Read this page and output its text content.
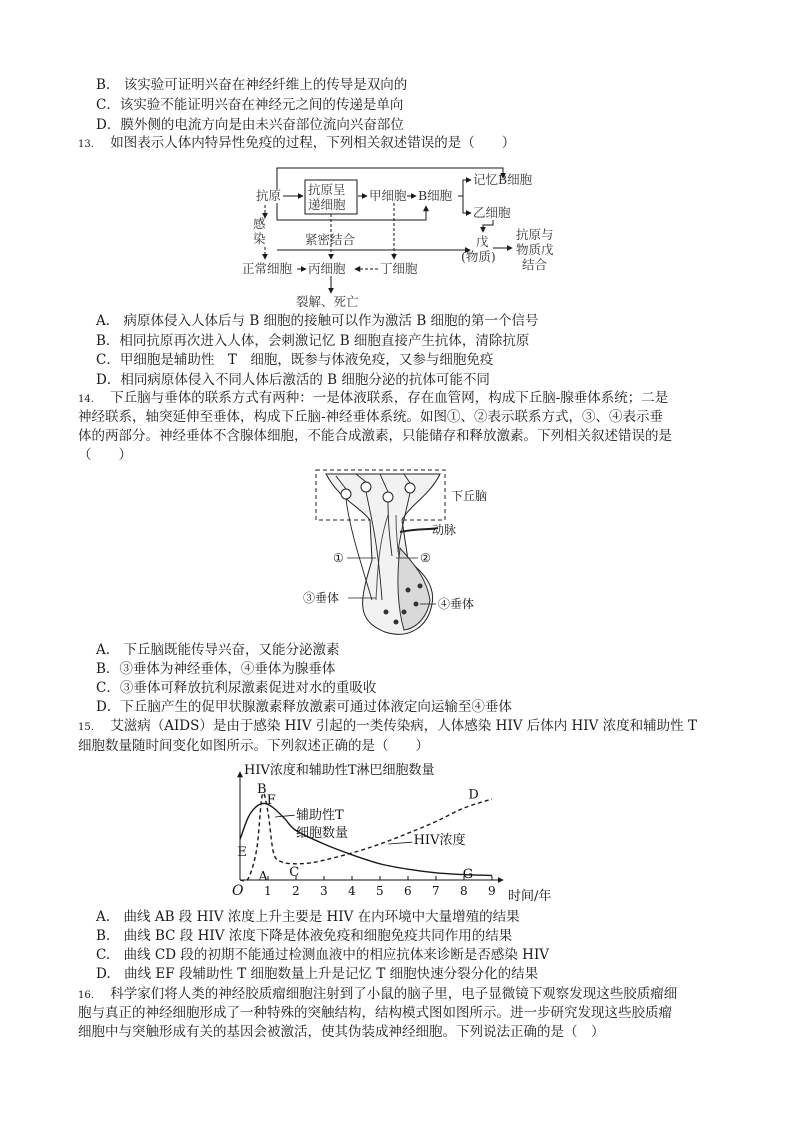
B.　该实验可证明兴奋在神经纤维上的传导是双向的
C．该实验不能证明兴奋在神经元之间的传递是单向
D．膜外侧的电流方向是由未兴奋部位流向兴奋部位
13. 如图表示人体内特异性免疫的过程，下列相关叙述错误的是（　　）
抗原 抗原呈
递细胞
甲细胞 B细胞
记忆B细胞
乙细胞
感
染	紧密结合	戊
(物质)
抗原与
物质戊
结合
正常细胞 丙细胞	丁细胞
裂解、死亡
A.　病原体侵入人体后与 B 细胞的接触可以作为激活 B 细胞的第一个信号
B．相同抗原再次进入人体，会刺激记忆 B 细胞直接产生抗体，清除抗原
C．甲细胞是辅助性　T　细胞，既参与体液免疫，又参与细胞免疫
D．相同病原体侵入不同人体后激活的 B 细胞分泌的抗体可能不同
14. 下丘脑与垂体的联系方式有两种：一是体液联系，存在血管网，构成下丘脑-腺垂体系统；二是
神经联系，轴突延伸至垂体，构成下丘脑-神经垂体系统。如图①、②表示联系方式，③、④表示垂
体的两部分。神经垂体不含腺体细胞，不能合成激素，只能储存和释放激素。下列相关叙述错误的是
（　　）
下丘脑
动脉
①	②
③垂体	④垂体
A.　下丘脑既能传导兴奋，又能分泌激素
B．③垂体为神经垂体，④垂体为腺垂体
C．③垂体可释放抗利尿激素促进对水的重吸收
D．下丘脑产生的促甲状腺激素释放激素可通过体液定向运输至④垂体
15. 艾滋病（AIDS）是由于感染 HIV 引起的一类传染病，人体感染 HIV 后体内 HIV 浓度和辅助性 T
细胞数量随时间变化如图所示。下列叙述正确的是（　　）
HIV浓度和辅助性T淋巴细胞数量
时间/年
O 1 2 3 4 5 6 7 8 9
A
B
C
D
E
F
G
辅助性T
细胞数量	HIV浓度
A.　曲线 AB 段 HIV 浓度上升主要是 HIV 在内环境中大量增殖的结果
B.　曲线 BC 段 HIV 浓度下降是体液免疫和细胞免疫共同作用的结果
C.　曲线 CD 段的初期不能通过检测血液中的相应抗体来诊断是否感染 HIV
D.　曲线 EF 段辅助性 T 细胞数量上升是记忆 T 细胞快速分裂分化的结果
16. 科学家们将人类的神经胶质瘤细胞注射到了小鼠的脑子里，电子显微镜下观察发现这些胶质瘤细
胞与真正的神经细胞形成了一种特殊的突触结构，结构模式图如图所示。进一步研究发现这些胶质瘤
细胞中与突触形成有关的基因会被激活，使其伪装成神经细胞。下列说法正确的是（　）
